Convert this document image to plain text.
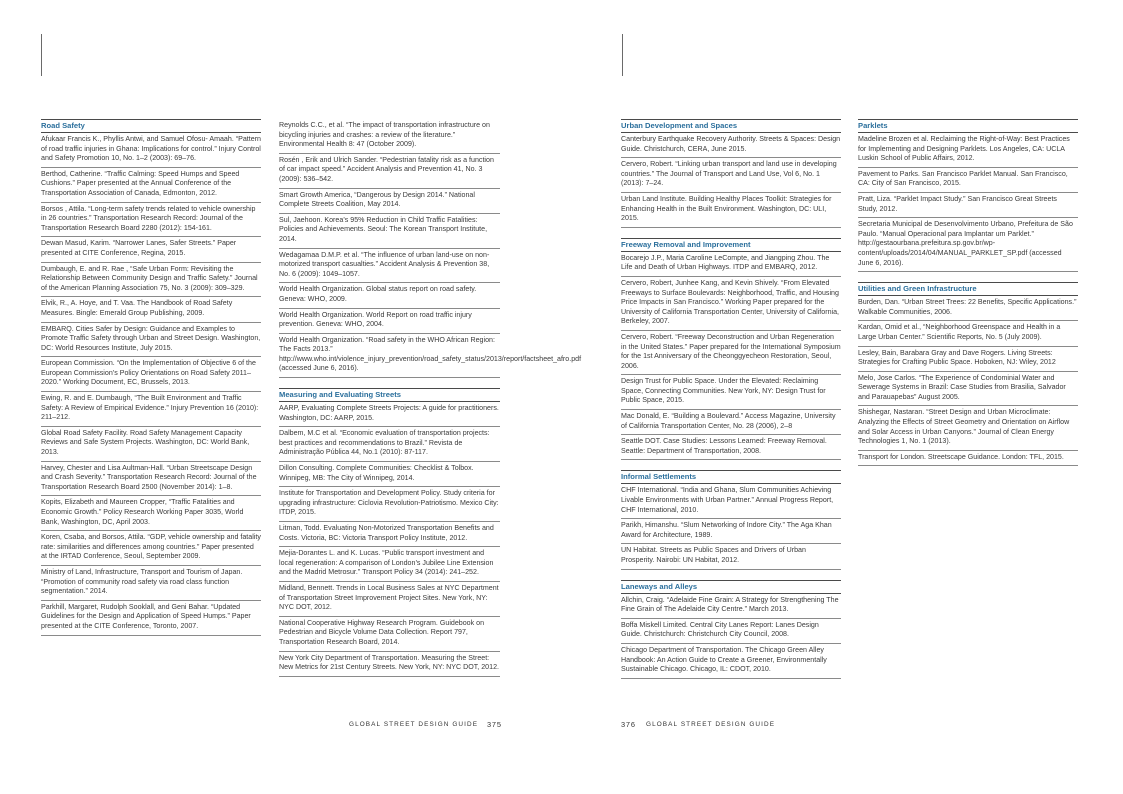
Road Safety
Afukaar Francis K., Phyllis Antwi, and Samuel Ofosu- Amaah. “Pattern of road traffic injuries in Ghana: Implications for control.” Injury Control and Safety Promotion 10, No. 1–2 (2003): 69–76.
Berthod, Catherine. “Traffic Calming: Speed Humps and Speed Cushions.” Paper presented at the Annual Conference of the Transportation Association of Canada, Edmonton, 2012.
Borsos , Attila. “Long-term safety trends related to vehicle ownership in 26 countries.” Transportation Research Record: Journal of the Transportation Research Board 2280 (2012): 154-161.
Dewan Masud, Karim. “Narrower Lanes, Safer Streets.” Paper presented at CITE Conference, Regina, 2015.
Dumbaugh, E. and R. Rae , “Safe Urban Form: Revisiting the Relationship Between Community Design and Traffic Safety.” Journal of the American Planning Association 75, No. 3 (2009): 309–329.
Elvik, R., A. Hoye, and T. Vaa. The Handbook of Road Safety Measures. Bingle: Emerald Group Publishing, 2009.
EMBARQ. Cities Safer by Design: Guidance and Examples to Promote Traffic Safety through Urban and Street Design. Washington, DC: World Resources Institute, July 2015.
European Commission. “On the Implementation of Objective 6 of the European Commission’s Policy Orientations on Road Safety 2011–2020.” Working Document, EC, Brussels, 2013.
Ewing, R. and E. Dumbaugh, “The Built Environment and Traffic Safety: A Review of Empirical Evidence.” Injury Prevention 16 (2010): 211–212.
Global Road Safety Facility. Road Safety Management Capacity Reviews and Safe System Projects. Washington, DC: World Bank, 2013.
Harvey, Chester and Lisa Aultman-Hall. “Urban Streetscape Design and Crash Severity.” Transportation Research Record: Journal of the Transportation Research Board 2500 (November 2014): 1–8.
Kopits, Elizabeth and Maureen Cropper, “Traffic Fatalities and Economic Growth.” Policy Research Working Paper 3035, World Bank, Washington, DC, April 2003.
Koren, Csaba, and Borsos, Attila. “GDP, vehicle ownership and fatality rate: similarities and differences among countries.” Paper presented at the IRTAD Conference, Seoul, September 2009.
Ministry of Land, Infrastructure, Transport and Tourism of Japan. “Promotion of community road safety via road class function segmentation.” 2014.
Parkhill, Margaret, Rudolph Sooklall, and Geni Bahar. “Updated Guidelines for the Design and Application of Speed Humps.” Paper presented at the CITE Conference, Toronto, 2007.
Reynolds C.C., et al. “The impact of transportation infrastructure on bicycling injuries and crashes: a review of the literature.” Environmental Health 8: 47 (October 2009).
Rosén , Erik and Ulrich Sander. “Pedestrian fatality risk as a function of car impact speed.” Accident Analysis and Prevention 41, No. 3 (2009): 536–542.
Smart Growth America, “Dangerous by Design 2014.” National Complete Streets Coalition, May 2014.
Sul, Jaehoon. Korea’s 95% Reduction in Child Traffic Fatalities: Policies and Achievements. Seoul: The Korean Transport Institute, 2014.
Wedagamaa D.M.P. et al. “The influence of urban land-use on non-motorized transport casualties.” Accident Analysis & Prevention 38, No. 6 (2009): 1049–1057.
World Health Organization. Global status report on road safety. Geneva: WHO, 2009.
World Health Organization. World Report on road traffic injury prevention. Geneva: WHO, 2004.
World Health Organization. “Road safety in the WHO African Region: The Facts 2013.” http://www.who.int/violence_injury_prevention/road_safety_status/2013/report/factsheet_afro.pdf (accessed June 6, 2016).
Measuring and Evaluating Streets
AARP, Evaluating Complete Streets Projects: A guide for practitioners. Washington, DC: AARP, 2015.
Dalbem, M.C et al. “Economic evaluation of transportation projects: best practices and recommendations to Brazil.” Revista de Administração Pública 44, No.1 (2010): 87-117.
Dillon Consulting. Complete Communities: Checklist & Tolbox. Winnipeg, MB: The City of Winnipeg, 2014.
Institute for Transportation and Development Policy. Study criteria for upgrading infrastructure: Ciclovia Revolution-Patriotismo. Mexico City: ITDP, 2015.
Litman, Todd. Evaluating Non-Motorized Transportation Benefits and Costs. Victoria, BC: Victoria Transport Policy Institute, 2012.
Mejia-Dorantes L. and K. Lucas. “Public transport investment and local regeneration: A comparison of London’s Jubilee Line Extension and the Madrid Metrosur.” Transport Policy 34 (2014): 241–252.
Midland, Bennett. Trends in Local Business Sales at NYC Department of Transportation Street Improvement Project Sites. New York, NY: NYC DOT, 2012.
National Cooperative Highway Research Program. Guidebook on Pedestrian and Bicycle Volume Data Collection. Report 797, Transportation Research Board, 2014.
New York City Department of Transportation. Measuring the Street: New Metrics for 21st Century Streets. New York, NY: NYC DOT, 2012.
Urban Development and Spaces
Canterbury Earthquake Recovery Authority. Streets & Spaces: Design Guide. Christchurch, CERA, June 2015.
Cervero, Robert. “Linking urban transport and land use in developing countries.” The Journal of Transport and Land Use, Vol 6, No. 1 (2013): 7–24.
Urban Land Institute. Building Healthy Places Toolkit: Strategies for Enhancing Health in the Built Environment. Washington, DC: ULI, 2015.
Freeway Removal and Improvement
Bocarejo J.P., Maria Caroline LeCompte, and Jiangping Zhou. The Life and Death of Urban Highways. ITDP and EMBARQ, 2012.
Cervero, Robert, Junhee Kang, and Kevin Shively. “From Elevated Freeways to Surface Boulevards: Neighborhood, Traffic, and Housing Price Impacts in San Francisco.” Working Paper prepared for the University of California Transportation Center, University of California, Berkeley, 2007.
Cervero, Robert. “Freeway Deconstruction and Urban Regeneration in the United States.” Paper prepared for the International Symposium for the 1st Anniversary of the Cheonggyecheon Restoration, Seoul, 2006.
Design Trust for Public Space. Under the Elevated: Reclaiming Space, Connecting Communities. New York, NY: Design Trust for Public Space, 2015.
Mac Donald, E. “Building a Boulevard.” Access Magazine, University of California Transportation Center, No. 28 (2006), 2–8
Seattle DOT. Case Studies: Lessons Learned: Freeway Removal. Seattle: Department of Transportation, 2008.
Informal Settlements
CHF International. “India and Ghana, Slum Communities Achieving Livable Environments with Urban Partner.” Annual Progress Report, CHF International, 2010.
Parikh, Himanshu. “Slum Networking of Indore City.” The Aga Khan Award for Architecture, 1989.
UN Habitat. Streets as Public Spaces and Drivers of Urban Prosperity. Nairobi: UN Habitat, 2012.
Laneways and Alleys
Allchin, Craig. “Adelaide Fine Grain: A Strategy for Strengthening The Fine Grain of The Adelaide City Centre.” March 2013.
Boffa Miskell Limited. Central City Lanes Report: Lanes Design Guide. Christchurch: Christchurch City Council, 2008.
Chicago Department of Transportation. The Chicago Green Alley Handbook: An Action Guide to Create a Greener, Environmentally Sustainable Chicago. Chicago, IL: CDOT, 2010.
Parklets
Madeline Brozen et al. Reclaiming the Right-of-Way: Best Practices for Implementing and Designing Parklets. Los Angeles, CA: UCLA Luskin School of Public Affairs, 2012.
Pavement to Parks. San Francisco Parklet Manual. San Francisco, CA: City of San Francisco, 2015.
Pratt, Liza. “Parklet Impact Study.” San Francisco Great Streets Study, 2012.
Secretaria Municipal de Desenvolvimento Urbano, Prefeitura de São Paulo. “Manual Operacional para Implantar um Parklet.” http://gestaourbana.prefeitura.sp.gov.br/wp-content/uploads/2014/04/MANUAL_PARKLET_SP.pdf (accessed June 6, 2016).
Utilities and Green Infrastructure
Burden, Dan. “Urban Street Trees: 22 Benefits, Specific Applications.” Walkable Communities, 2006.
Kardan, Omid et al., “Neighborhood Greenspace and Health in a Large Urban Center.” Scientific Reports, No. 5 (July 2009).
Lesley, Bain, Barabara Gray and Dave Rogers. Living Streets: Strategies for Crafting Public Space. Hoboken, NJ: Wiley, 2012
Melo, Jose Carlos. “The Experience of Condominial Water and Sewerage Systems in Brazil: Case Studies from Brasilia, Salvador and Parauapebas” August 2005.
Shishegar, Nastaran. “Street Design and Urban Microclimate: Analyzing the Effects of Street Geometry and Orientation on Airflow and Solar Access in Urban Canyons.” Journal of Clean Energy Technologies 1, No. 1 (2013).
Transport for London. Streetscape Guidance. London: TFL, 2015.
GLOBAL STREET DESIGN GUIDE 375	376 GLOBAL STREET DESIGN GUIDE
